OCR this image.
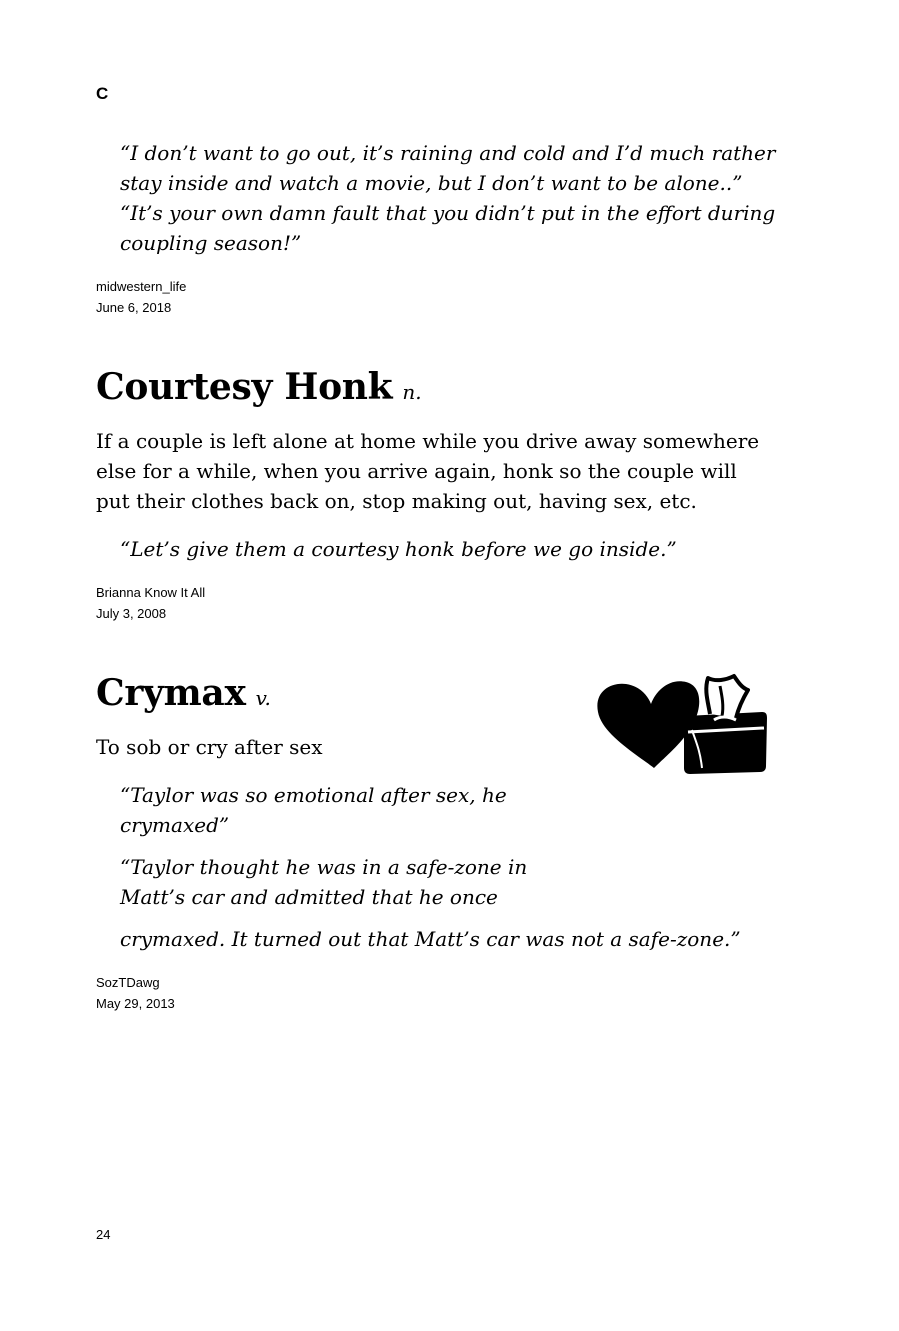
C
“I don’t want to go out, it’s raining and cold and I’d much rather stay inside and watch a movie, but I don’t want to be alone..” “It’s your own damn fault that you didn’t put in the effort during coupling season!”
midwestern_life
June 6, 2018
Courtesy Honk n.
If a couple is left alone at home while you drive away somewhere else for a while, when you arrive again, honk so the couple will put their clothes back on, stop making out, having sex, etc.
“Let’s give them a courtesy honk before we go inside.”
Brianna Know It All
July 3, 2008
Crymax v.
To sob or cry after sex
“Taylor was so emotional after sex, he crymaxed”
“Taylor thought he was in a safe-zone in Matt’s car and admitted that he once
crymaxed. It turned out that Matt’s car was not a safe-zone.”
SozTDawg
May 29, 2013
24
